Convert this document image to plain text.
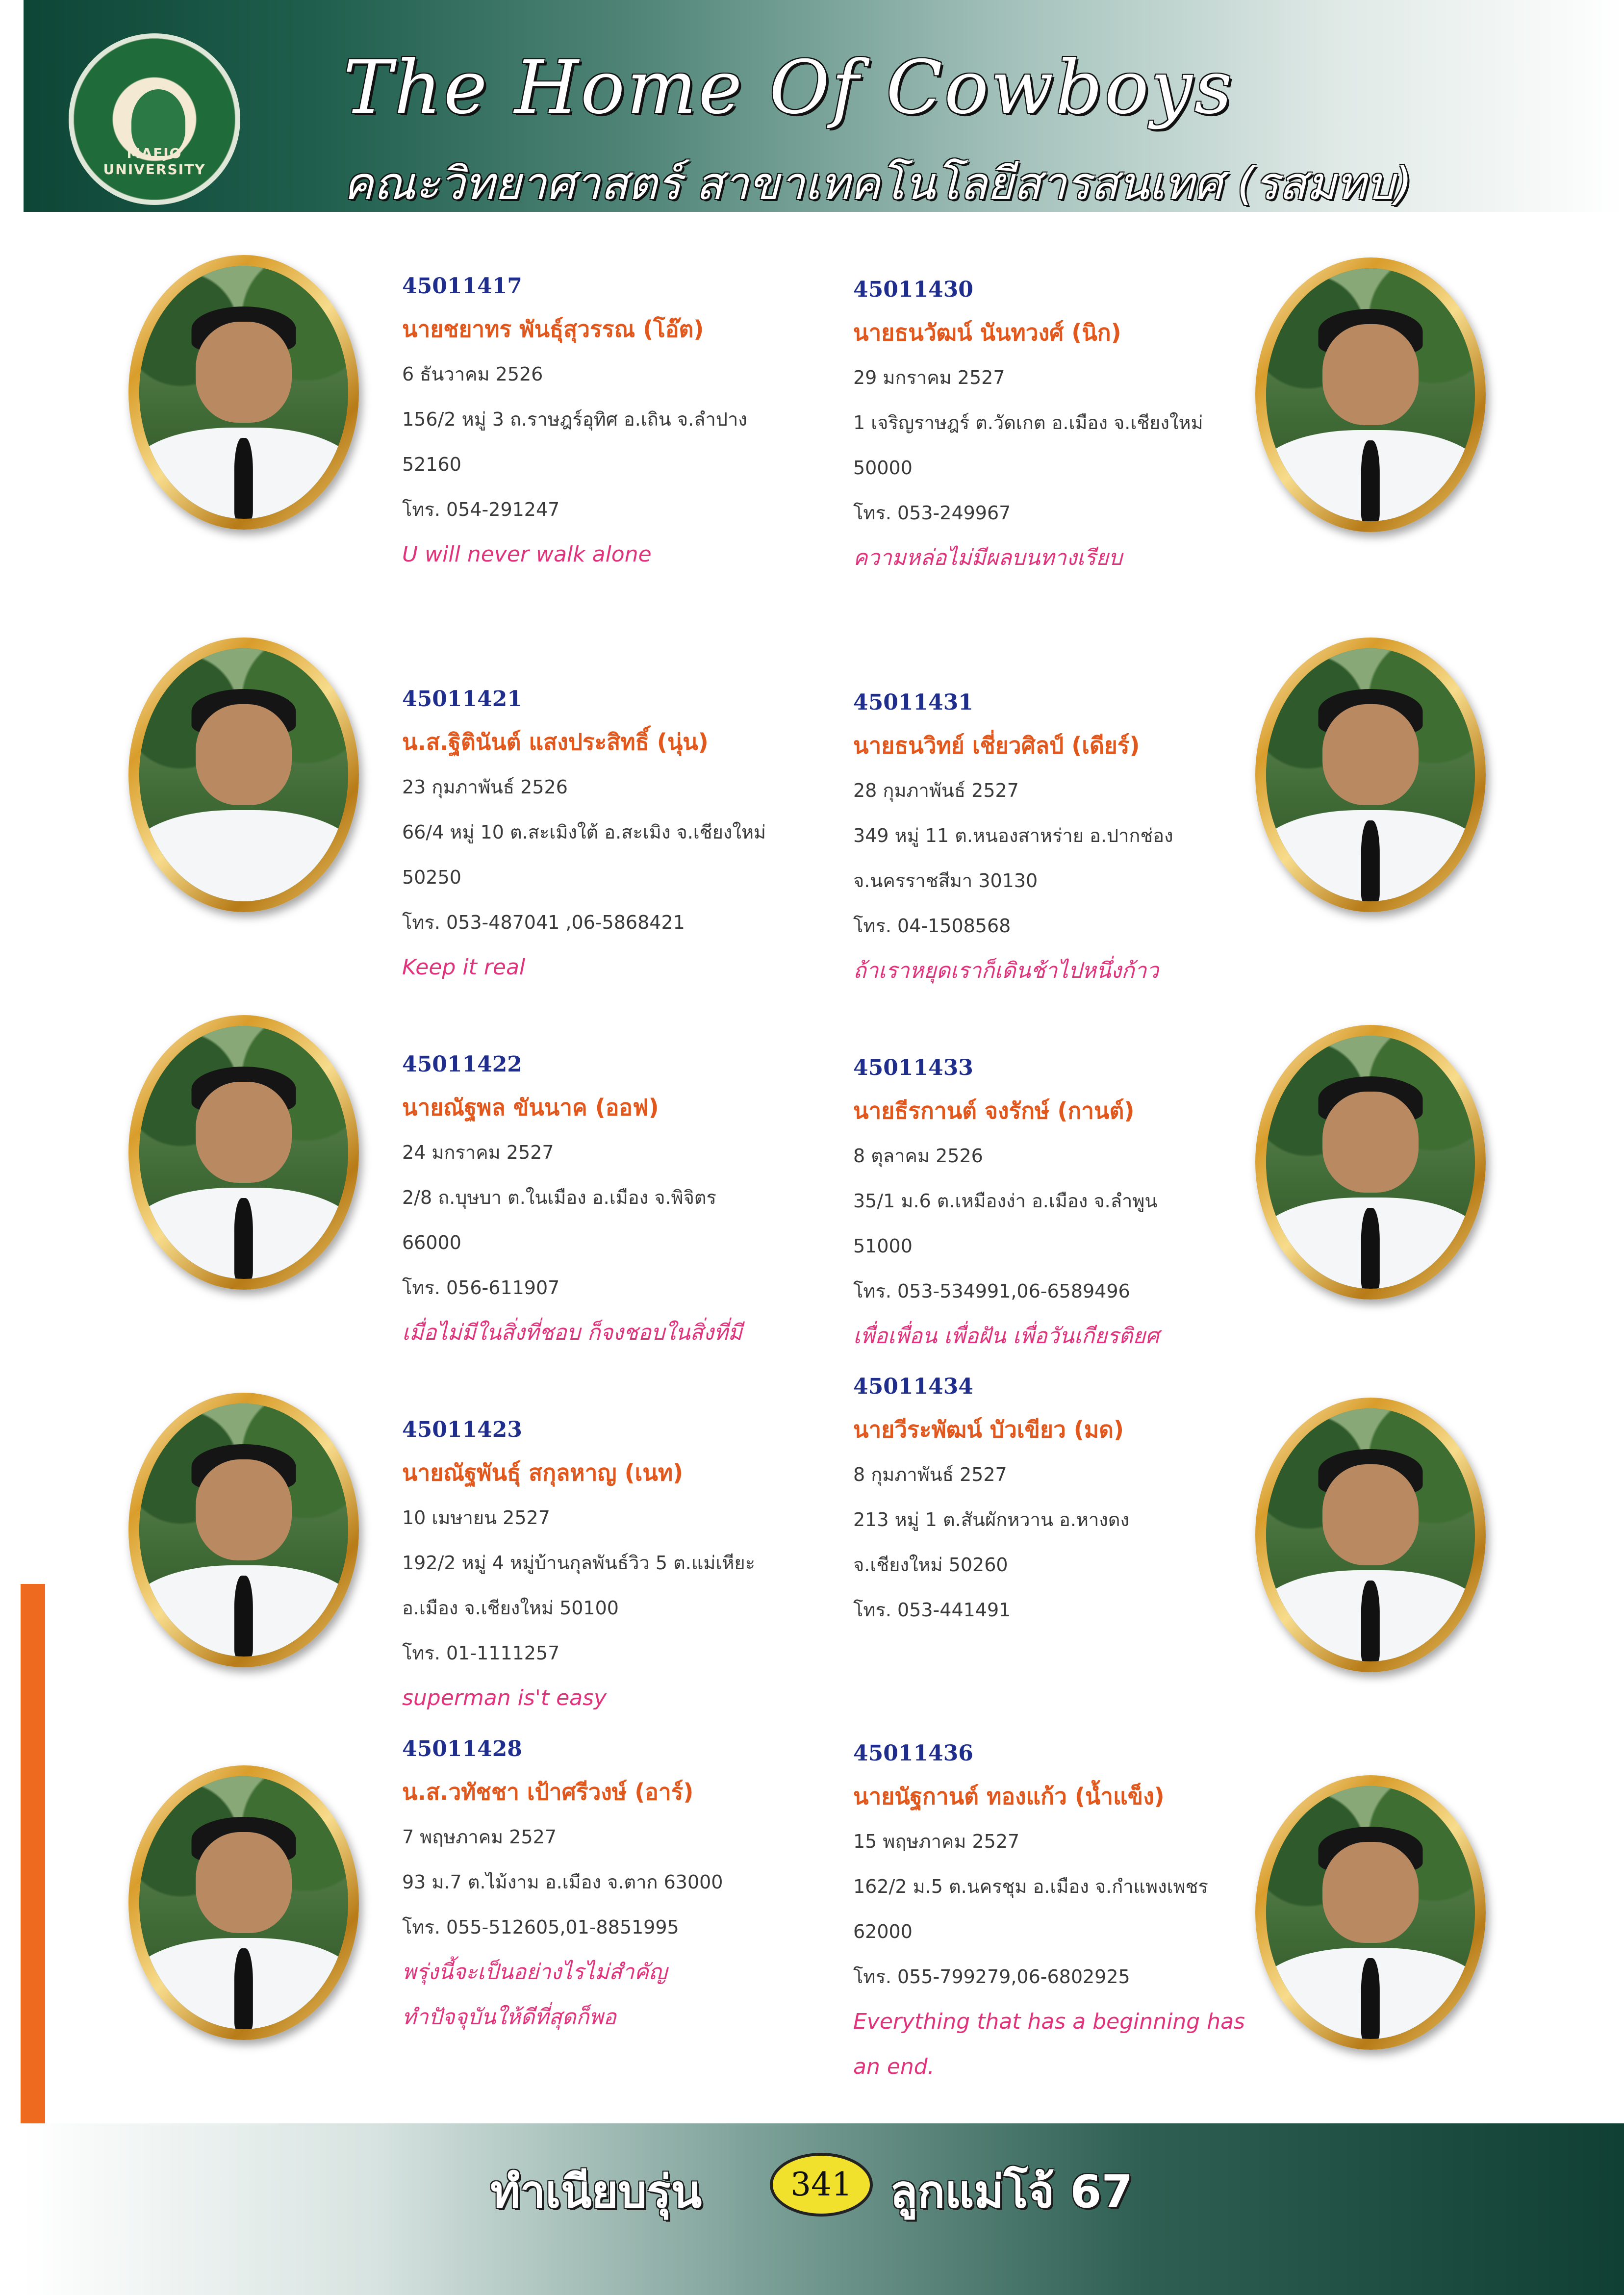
MAEJO UNIVERSITY
The Home Of Cowboys
คณะวิทยาศาสตร์ สาขาเทคโนโลยีสารสนเทศ (รสมทบ)
45011417
นายชยาทร พันธุ์สุวรรณ (โอ๊ต)
6 ธันวาคม 2526
156/2 หมู่ 3 ถ.ราษฎร์อุทิศ อ.เถิน จ.ลำปาง
52160
โทร. 054-291247
U will never walk alone
45011421
น.ส.ฐิตินันต์ แสงประสิทธิ์ (นุ่น)
23 กุมภาพันธ์ 2526
66/4 หมู่ 10 ต.สะเมิงใต้ อ.สะเมิง จ.เชียงใหม่
50250
โทร. 053-487041 ,06-5868421
Keep it real
45011422
นายณัฐพล ขันนาค (ออฟ)
24 มกราคม 2527
2/8 ถ.บุษบา ต.ในเมือง อ.เมือง จ.พิจิตร
66000
โทร. 056-611907
เมื่อไม่มีในสิ่งที่ชอบ ก็จงชอบในสิ่งที่มี
45011423
นายณัฐพันธุ์ สกุลหาญ (เนท)
10 เมษายน 2527
192/2 หมู่ 4 หมู่บ้านกุลพันธ์วิว 5 ต.แม่เหียะ
อ.เมือง จ.เชียงใหม่ 50100
โทร. 01-1111257
superman is't easy
45011428
น.ส.วทัชชา เป้าศรีวงษ์ (อาร์)
7 พฤษภาคม 2527
93 ม.7 ต.ไม้งาม อ.เมือง จ.ตาก 63000
โทร. 055-512605,01-8851995
พรุ่งนี้จะเป็นอย่างไรไม่สำคัญ
ทำปัจจุบันให้ดีที่สุดก็พอ
45011430
นายธนวัฒน์ นันทวงศ์ (นิก)
29 มกราคม 2527
1 เจริญราษฎร์ ต.วัดเกต อ.เมือง จ.เชียงใหม่
50000
โทร. 053-249967
ความหล่อไม่มีผลบนทางเรียบ
45011431
นายธนวิทย์ เชี่ยวศิลป์ (เดียร์)
28 กุมภาพันธ์ 2527
349 หมู่ 11 ต.หนองสาหร่าย อ.ปากช่อง
จ.นครราชสีมา 30130
โทร. 04-1508568
ถ้าเราหยุดเราก็เดินช้าไปหนึ่งก้าว
45011433
นายธีรกานต์ จงรักษ์ (กานต์)
8 ตุลาคม 2526
35/1 ม.6 ต.เหมืองง่า อ.เมือง จ.ลำพูน
51000
โทร. 053-534991,06-6589496
เพื่อเพื่อน เพื่อฝัน เพื่อวันเกียรติยศ
45011434
นายวีระพัฒน์ บัวเขียว (มด)
8 กุมภาพันธ์ 2527
213 หมู่ 1 ต.สันผักหวาน อ.หางดง
จ.เชียงใหม่ 50260
โทร. 053-441491
45011436
นายนัฐกานต์ ทองแก้ว (น้ำแข็ง)
15 พฤษภาคม 2527
162/2 ม.5 ต.นครชุม อ.เมือง จ.กำแพงเพชร
62000
โทร. 055-799279,06-6802925
Everything that has a beginning has
an end.
ทำเนียบรุ่น	341 ลูกแม่โจ้ 67
